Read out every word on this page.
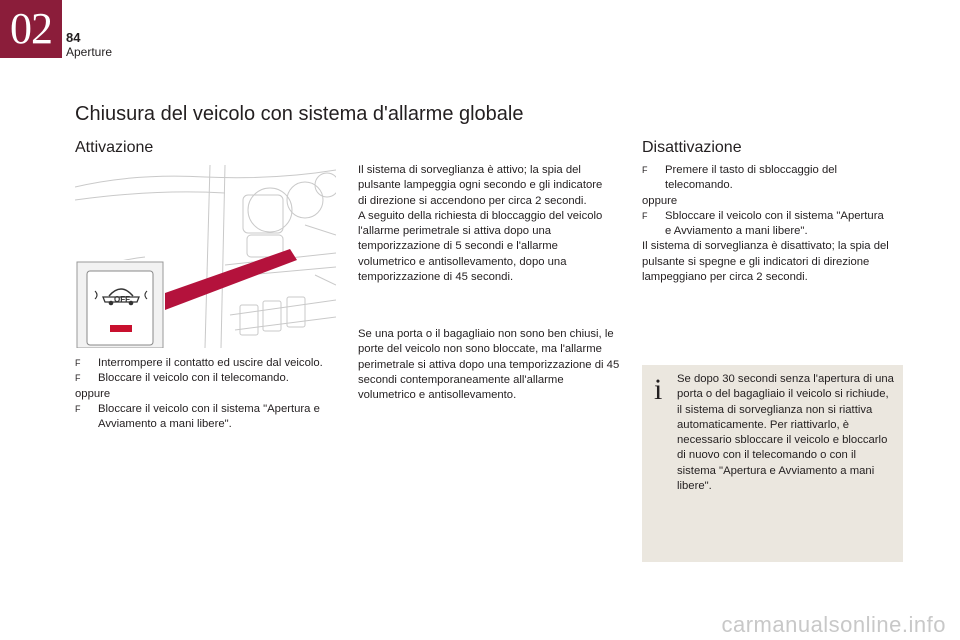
02 84
Aperture
Chiusura del veicolo con sistema d'allarme globale
Attivazione
OFF
F	Interrompere il contatto ed uscire dal veicolo.
F	Bloccare il veicolo con il telecomando.

oppure

F	Bloccare il veicolo con il sistema "Apertura e Avviamento a mani libere".

Il sistema di sorveglianza è attivo; la spia del pulsante lampeggia ogni secondo e gli indicatore di direzione si accendono per circa 2 secondi.

A seguito della richiesta di bloccaggio del veicolo l'allarme perimetrale si attiva dopo una temporizzazione di 5 secondi e l'allarme volumetrico e antisollevamento, dopo una temporizzazione di 45 secondi.

Se una porta o il bagagliaio non sono ben chiusi, le porte del veicolo non sono bloccate, ma l'allarme perimetrale si attiva dopo una temporizzazione di 45 secondi contemporaneamente all'allarme volumetrico e antisollevamento.

Disattivazione
F	Premere il tasto di sbloccaggio del telecomando.

oppure

F	Sbloccare il veicolo con il sistema "Apertura e Avviamento a mani libere".

Il sistema di sorveglianza è disattivato; la spia del pulsante si spegne e gli indicatori di direzione lampeggiano per circa 2 secondi.

i Se dopo 30 secondi senza l'apertura di una porta o del bagagliaio il veicolo si richiude, il sistema di sorveglianza non si riattiva automaticamente. Per riattivarlo, è necessario sbloccare il veicolo e bloccarlo di nuovo con il telecomando o con il sistema "Apertura e Avviamento a mani libere".

carmanualsonline.info
